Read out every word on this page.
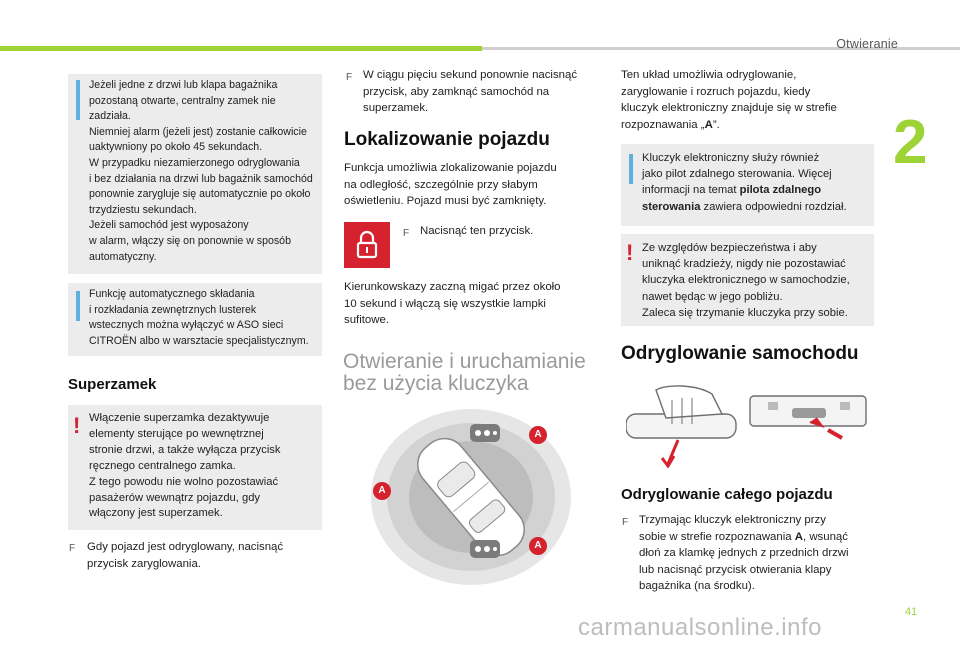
Otwieranie
2
Jeżeli jedne z drzwi lub klapa bagażnika
pozostaną otwarte, centralny zamek nie
zadziała.
Niemniej alarm (jeżeli jest) zostanie całkowicie
uaktywniony po około 45 sekundach.
W przypadku niezamierzonego odryglowania
i bez działania na drzwi lub bagażnik samochód
ponownie zarygluje się automatycznie po około
trzydziestu sekundach.
Jeżeli samochód jest wyposażony
w alarm, włączy się on ponownie w sposób
automatyczny.
Funkcję automatycznego składania
i rozkładania zewnętrznych lusterek
wstecznych można wyłączyć w ASO sieci
CITROËN albo w warsztacie specjalistycznym.
Superzamek
! Włączenie superzamka dezaktywuje
elementy sterujące po wewnętrznej
stronie drzwi, a także wyłącza przycisk
ręcznego centralnego zamka.
Z tego powodu nie wolno pozostawiać
pasażerów wewnątrz pojazdu, gdy
włączony jest superzamek.
F Gdy pojazd jest odryglowany, nacisnąć
przycisk zaryglowania.
F W ciągu pięciu sekund ponownie nacisnąć
przycisk, aby zamknąć samochód na
superzamek.
Lokalizowanie pojazdu
Funkcja umożliwia zlokalizowanie pojazdu
na odległość, szczególnie przy słabym
oświetleniu. Pojazd musi być zamknięty.
F Nacisnąć ten przycisk.
Kierunkowskazy zaczną migać przez około
10 sekund i włączą się wszystkie lampki
sufitowe.
Otwieranie i uruchamianie
bez użycia kluczyka
A
A
A
Ten układ umożliwia odryglowanie,
zaryglowanie i rozruch pojazdu, kiedy
kluczyk elektroniczny znajduje się w strefie
rozpoznawania „A”.
Kluczyk elektroniczny służy również
jako pilot zdalnego sterowania. Więcej
informacji na temat pilota zdalnego
sterowania zawiera odpowiedni rozdział.
! Ze względów bezpieczeństwa i aby
uniknąć kradzieży, nigdy nie pozostawiać
kluczyka elektronicznego w samochodzie,
nawet będąc w jego pobliżu.
Zaleca się trzymanie kluczyka przy sobie.
Odryglowanie samochodu
Odryglowanie całego pojazdu
F Trzymając kluczyk elektroniczny przy
sobie w strefie rozpoznawania A, wsunąć
dłoń za klamkę jednych z przednich drzwi
lub nacisnąć przycisk otwierania klapy
bagażnika (na środku).
41
carmanualsonline.info
